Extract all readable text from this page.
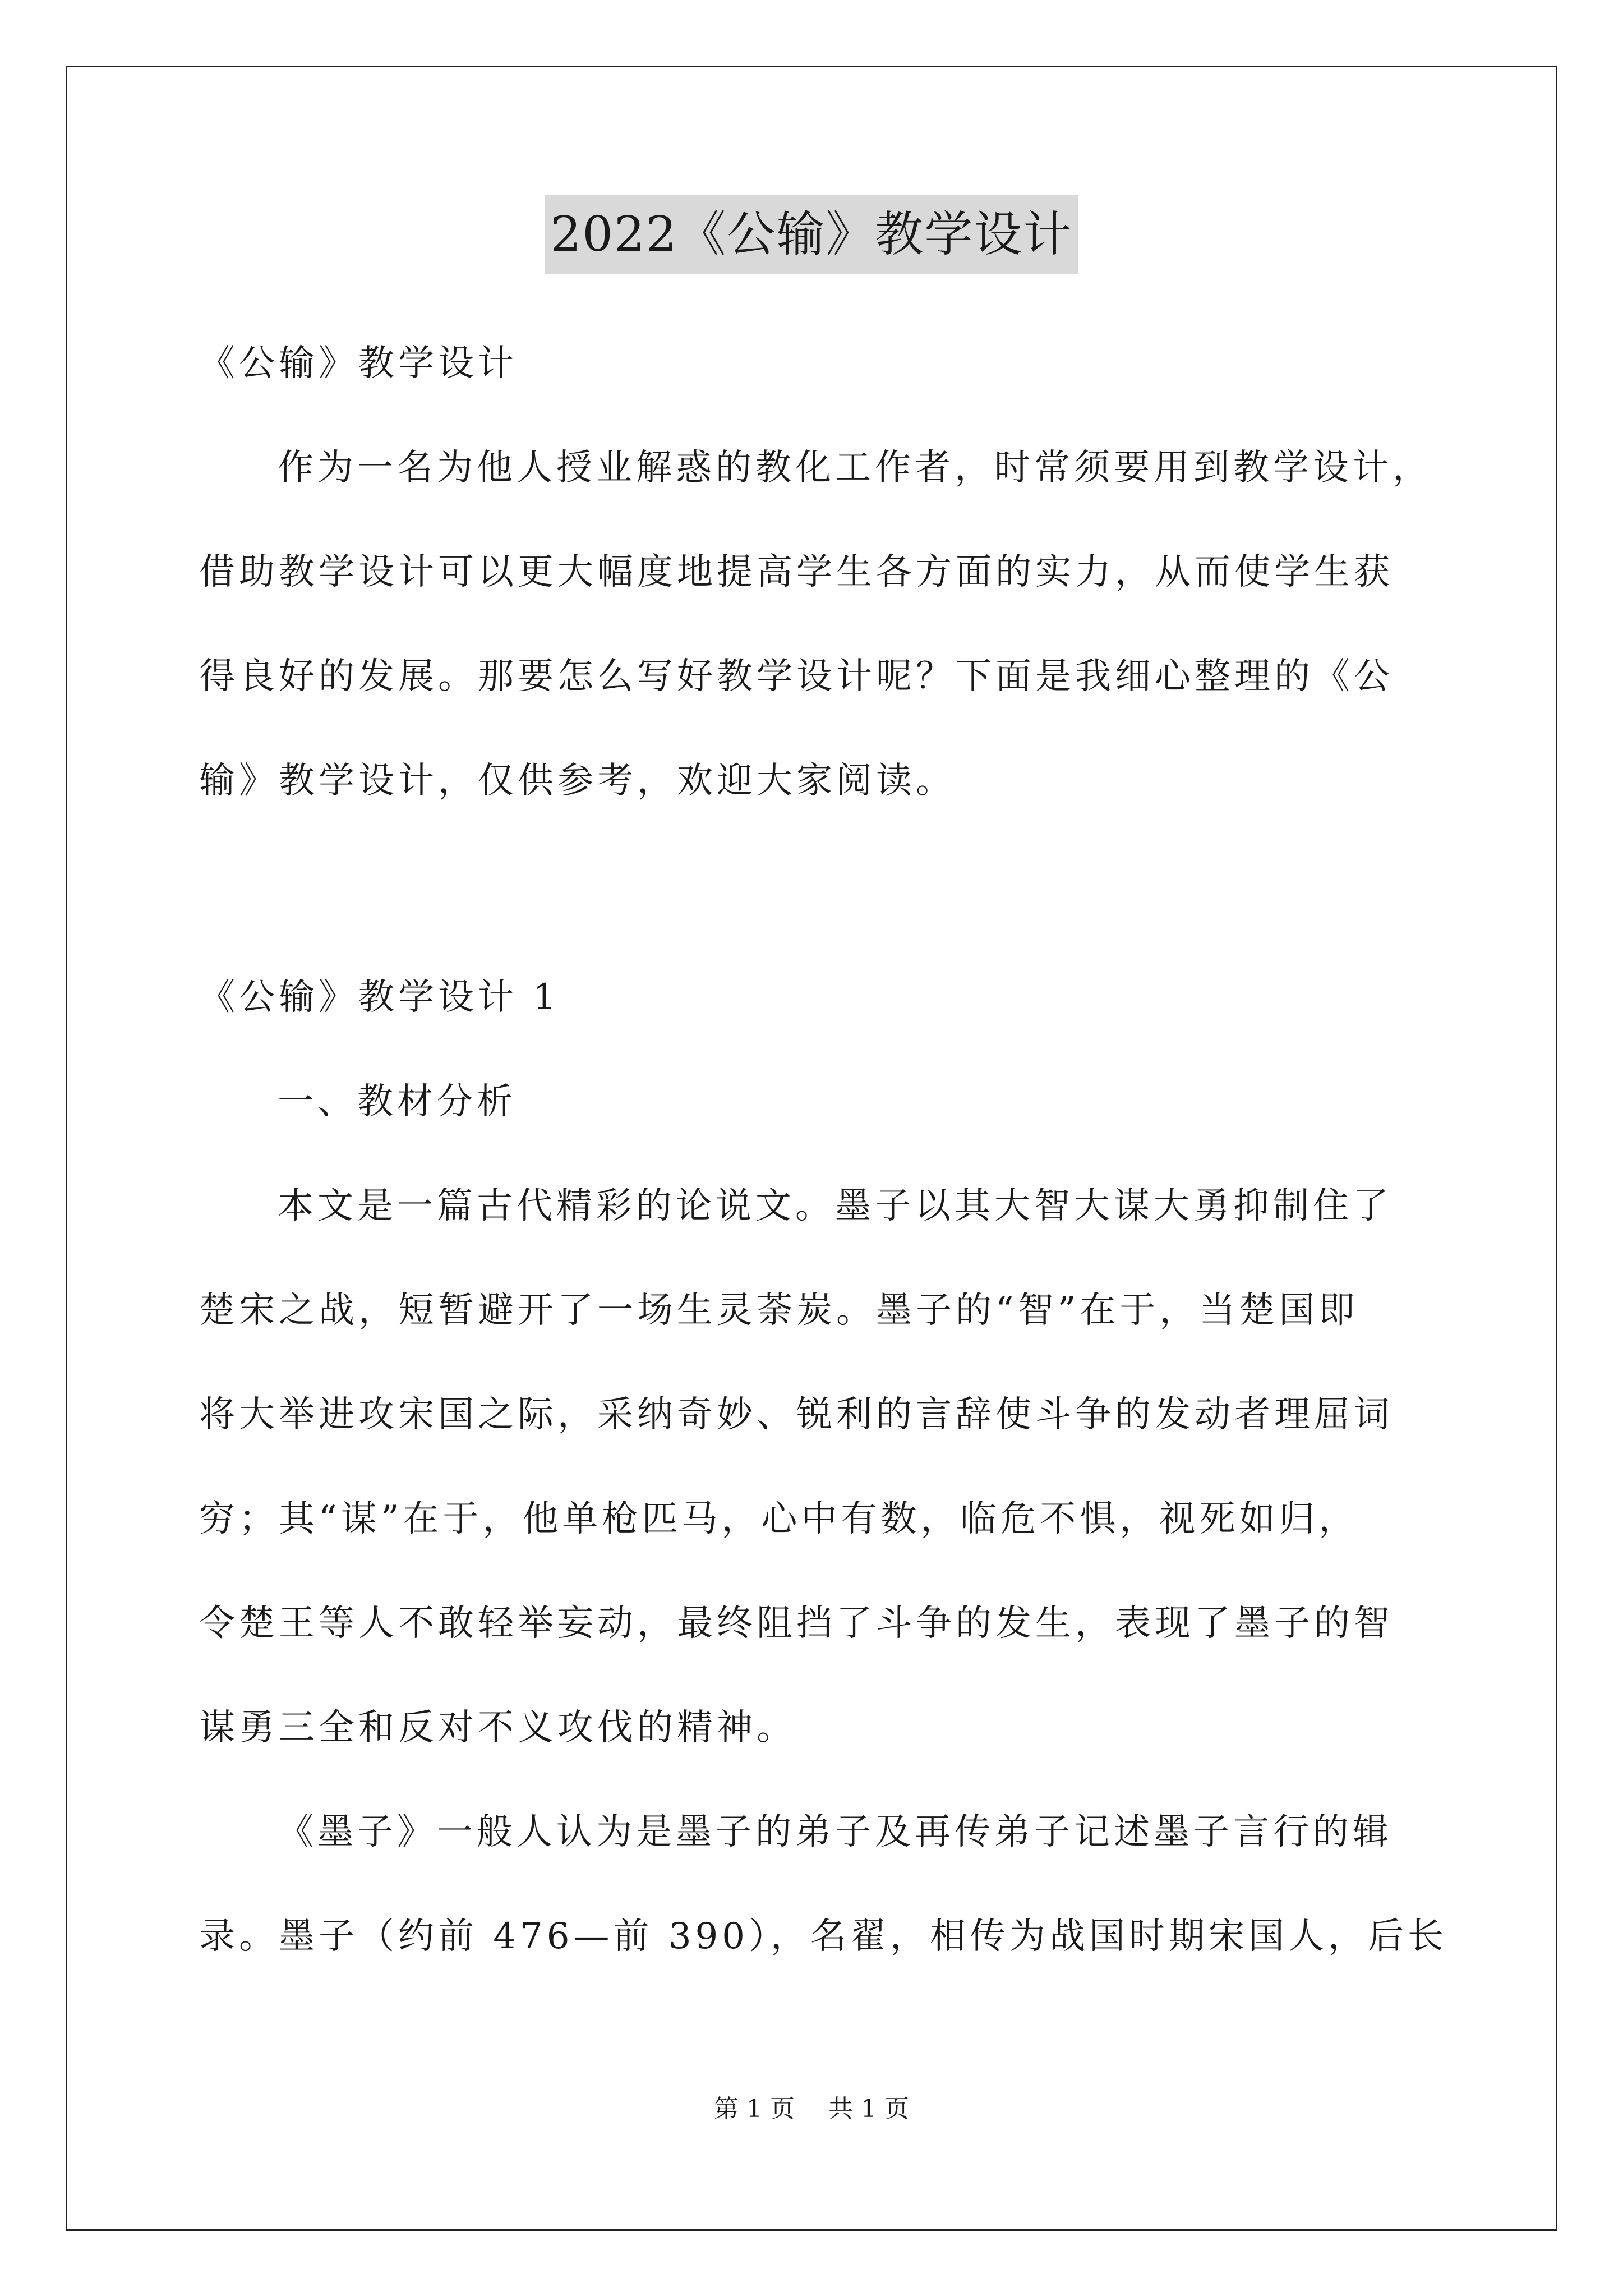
2022《公输》教学设计
《公输》教学设计
作为一名为他人授业解惑的教化工作者，时常须要用到教学设计，
借助教学设计可以更大幅度地提高学生各方面的实力，从而使学生获
得良好的发展。那要怎么写好教学设计呢？下面是我细心整理的《公
输》教学设计，仅供参考，欢迎大家阅读。
《公输》教学设计 1
一、教材分析
本文是一篇古代精彩的论说文。墨子以其大智大谋大勇抑制住了
楚宋之战，短暂避开了一场生灵荼炭。墨子的“智”在于，当楚国即
将大举进攻宋国之际，采纳奇妙、锐利的言辞使斗争的发动者理屈词
穷；其“谋”在于，他单枪匹马，心中有数，临危不惧，视死如归，
令楚王等人不敢轻举妄动，最终阻挡了斗争的发生，表现了墨子的智
谋勇三全和反对不义攻伐的精神。
《墨子》一般人认为是墨子的弟子及再传弟子记述墨子言行的辑
录。墨子（约前 476—前 390），名翟，相传为战国时期宋国人，后长
第 1 页 共 1 页
